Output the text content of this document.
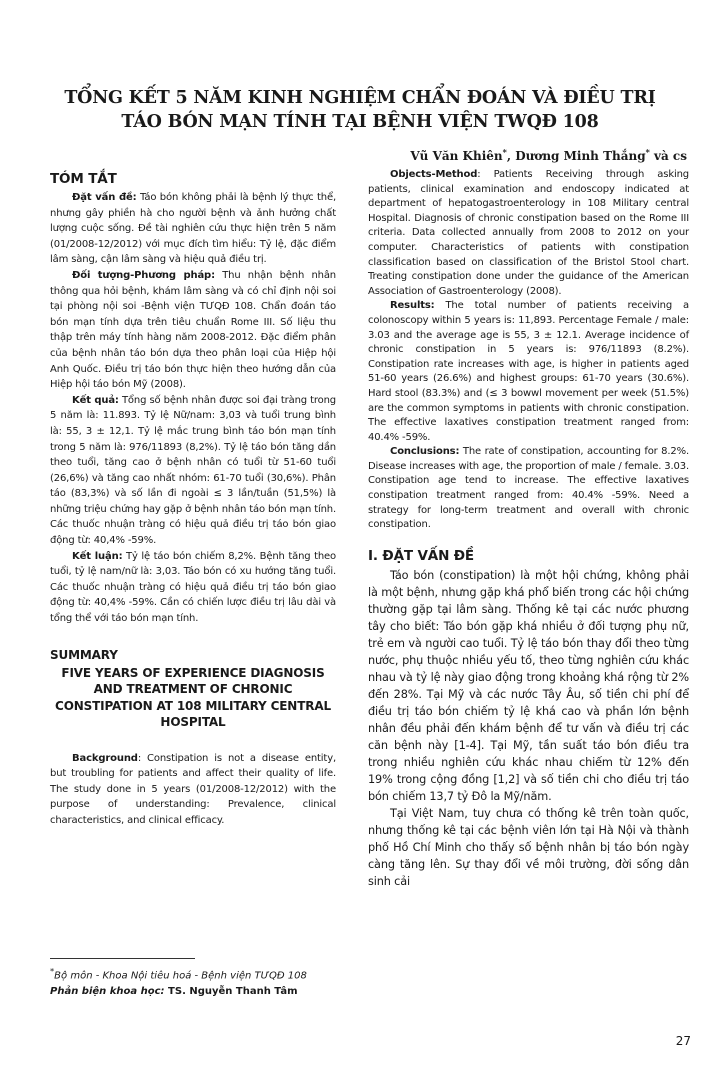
TỔNG KẾT 5 NĂM KINH NGHIỆM CHẨN ĐOÁN VÀ ĐIỀU TRỊ
TÁO BÓN MẠN TÍNH TẠI BỆNH VIỆN TWQĐ 108
Vũ Văn Khiên*, Dương Minh Thắng* và cs
TÓM TẮT

Đặt vấn đề: Táo bón không phải là bệnh lý thực thể, nhưng gây phiền hà cho người bệnh và ảnh hưởng chất lượng cuộc sống. Đề tài nghiên cứu thực hiện trên 5 năm (01/2008-12/2012) với mục đích tìm hiểu: Tỷ lệ, đặc điểm lâm sàng, cận lâm sàng và hiệu quả điều trị.

Đối tượng-Phương pháp: Thu nhận bệnh nhân thông qua hỏi bệnh, khám lâm sàng và có chỉ định nội soi tại phòng nội soi -Bệnh viện TƯQĐ 108. Chẩn đoán táo bón mạn tính dựa trên tiêu chuẩn Rome III. Số liệu thu thập trên máy tính hàng năm 2008-2012. Đặc điểm phân của bệnh nhân táo bón dựa theo phân loại của Hiệp hội Anh Quốc. Điều trị táo bón thực hiện theo hướng dẫn của Hiệp hội táo bón Mỹ (2008).

Kết quả: Tổng số bệnh nhân được soi đại tràng trong 5 năm là: 11.893. Tỷ lệ Nữ/nam: 3,03 và tuổi trung bình là: 55, 3 ± 12,1. Tỷ lệ mắc trung bình táo bón mạn tính trong 5 năm là: 976/11893 (8,2%). Tỷ lệ táo bón tăng dần theo tuổi, tăng cao ở bệnh nhân có tuổi từ 51-60 tuổi (26,6%) và tăng cao nhất nhóm: 61-70 tuổi (30,6%). Phân táo (83,3%) và số lần đi ngoài ≤ 3 lần/tuần (51,5%) là những triệu chứng hay gặp ở bệnh nhân táo bón mạn tính. Các thuốc nhuận tràng có hiệu quả điều trị táo bón giao động từ: 40,4% -59%.

Kết luận: Tỷ lệ táo bón chiếm 8,2%. Bệnh tăng theo tuổi, tỷ lệ nam/nữ là: 3,03. Táo bón có xu hướng tăng tuổi. Các thuốc nhuận tràng có hiệu quả điều trị táo bón giao động từ: 40,4% -59%. Cần có chiến lược điều trị lâu dài và tổng thể với táo bón mạn tính.

SUMMARY
FIVE YEARS OF EXPERIENCE DIAGNOSIS AND TREATMENT OF CHRONIC CONSTIPATION AT 108 MILITARY CENTRAL HOSPITAL

Background: Constipation is not a disease entity, but troubling for patients and affect their quality of life. The study done in 5 years (01/2008-12/2012) with the purpose of understanding: Prevalence, clinical characteristics, and clinical efficacy.

Objects-Method: Patients Receiving through asking patients, clinical examination and endoscopy indicated at department of hepatogastroenterology in 108 Military central Hospital. Diagnosis of chronic constipation based on the Rome III criteria. Data collected annually from 2008 to 2012 on your computer. Characteristics of patients with constipation classification based on classification of the Bristol Stool chart. Treating constipation done under the guidance of the American Association of Gastroenterology (2008).

Results: The total number of patients receiving a colonoscopy within 5 years is: 11,893. Percentage Female / male: 3.03 and the average age is 55, 3 ± 12.1. Average incidence of chronic constipation in 5 years is: 976/11893 (8.2%). Constipation rate increases with age, is higher in patients aged 51-60 years (26.6%) and highest groups: 61-70 years (30.6%). Hard stool (83.3%) and (≤ 3 bowwl movement per week (51.5%) are the common symptoms in patients with chronic constipation. The effective laxatives constipation treatment ranged from: 40.4% -59%.

Conclusions: The rate of constipation, accounting for 8.2%. Disease increases with age, the proportion of male / female. 3.03. Constipation age tend to increase. The effective laxatives constipation treatment ranged from: 40.4% -59%. Need a strategy for long-term treatment and overall with chronic constipation.

I. ĐẶT VẤN ĐỀ

Táo bón (constipation) là một hội chứng, không phải là một bệnh, nhưng gặp khá phổ biến trong các hội chứng thường gặp tại lâm sàng. Thống kê tại các nước phương tây cho biết: Táo bón gặp khá nhiều ở đối tượng phụ nữ, trẻ em và người cao tuổi. Tỷ lệ táo bón thay đổi theo từng nước, phụ thuộc nhiều yếu tố, theo từng nghiên cứu khác nhau và tỷ lệ này giao động trong khoảng khá rộng từ 2% đến 28%. Tại Mỹ và các nước Tây Âu, số tiền chi phí để điều trị táo bón chiếm tỷ lệ khá cao và phần lớn bệnh nhân đều phải đến khám bệnh để tư vấn và điều trị các căn bệnh này [1-4]. Tại Mỹ, tần suất táo bón điều tra trong nhiều nghiên cứu khác nhau chiếm từ 12% đến 19% trong cộng đồng [1,2] và số tiền chi cho điều trị táo bón chiếm 13,7 tỷ Đô la Mỹ/năm.

Tại Việt Nam, tuy chưa có thống kê trên toàn quốc, nhưng thống kê tại các bệnh viên lớn tại Hà Nội và thành phố Hồ Chí Minh cho thấy số bệnh nhân bị táo bón ngày càng tăng lên. Sự thay đổi về môi trường, đời sống dân sinh cải

*Bộ môn - Khoa Nội tiêu hoá - Bệnh viện TƯQĐ 108
Phản biện khoa học: TS. Nguyễn Thanh Tâm
27
